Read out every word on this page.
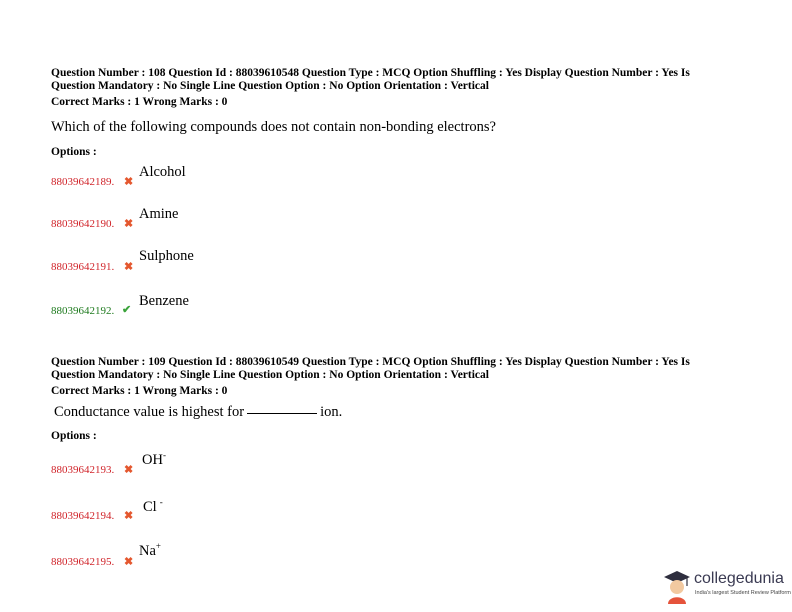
Question Number : 108 Question Id : 88039610548 Question Type : MCQ Option Shuffling : Yes Display Question Number : Yes Is
Question Mandatory : No Single Line Question Option : No Option Orientation : Vertical
Correct Marks : 1 Wrong Marks : 0
Which of the following compounds does not contain non-bonding electrons?
Options :
88039642189. ✖
Alcohol
88039642190. ✖
Amine
88039642191. ✖
Sulphone
88039642192. ✔
Benzene
Question Number : 109 Question Id : 88039610549 Question Type : MCQ Option Shuffling : Yes Display Question Number : Yes Is
Question Mandatory : No Single Line Question Option : No Option Orientation : Vertical
Correct Marks : 1 Wrong Marks : 0
Conductance value is highest for	ion.
Options :
88039642193. ✖
OH-
88039642194. ✖
Cl -
88039642195. ✖
Na+
collegedunia
India's largest Student Review Platform
